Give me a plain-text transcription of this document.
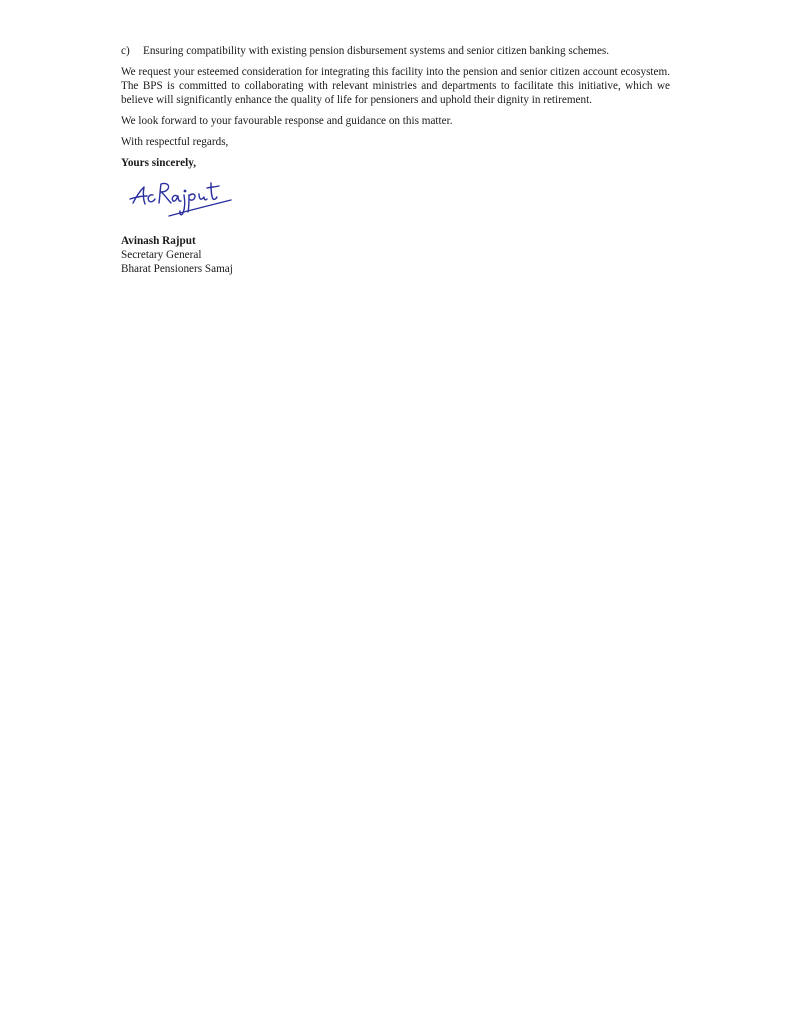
c)	Ensuring compatibility with existing pension disbursement systems and senior citizen banking schemes.

We request your esteemed consideration for integrating this facility into the pension and senior citizen account ecosystem. The BPS is committed to collaborating with relevant ministries and departments to facilitate this initiative, which we believe will significantly enhance the quality of life for pensioners and uphold their dignity in retirement.

We look forward to your favourable response and guidance on this matter.

With respectful regards,

Yours sincerely,

Avinash Rajput
Secretary General
Bharat Pensioners Samaj
